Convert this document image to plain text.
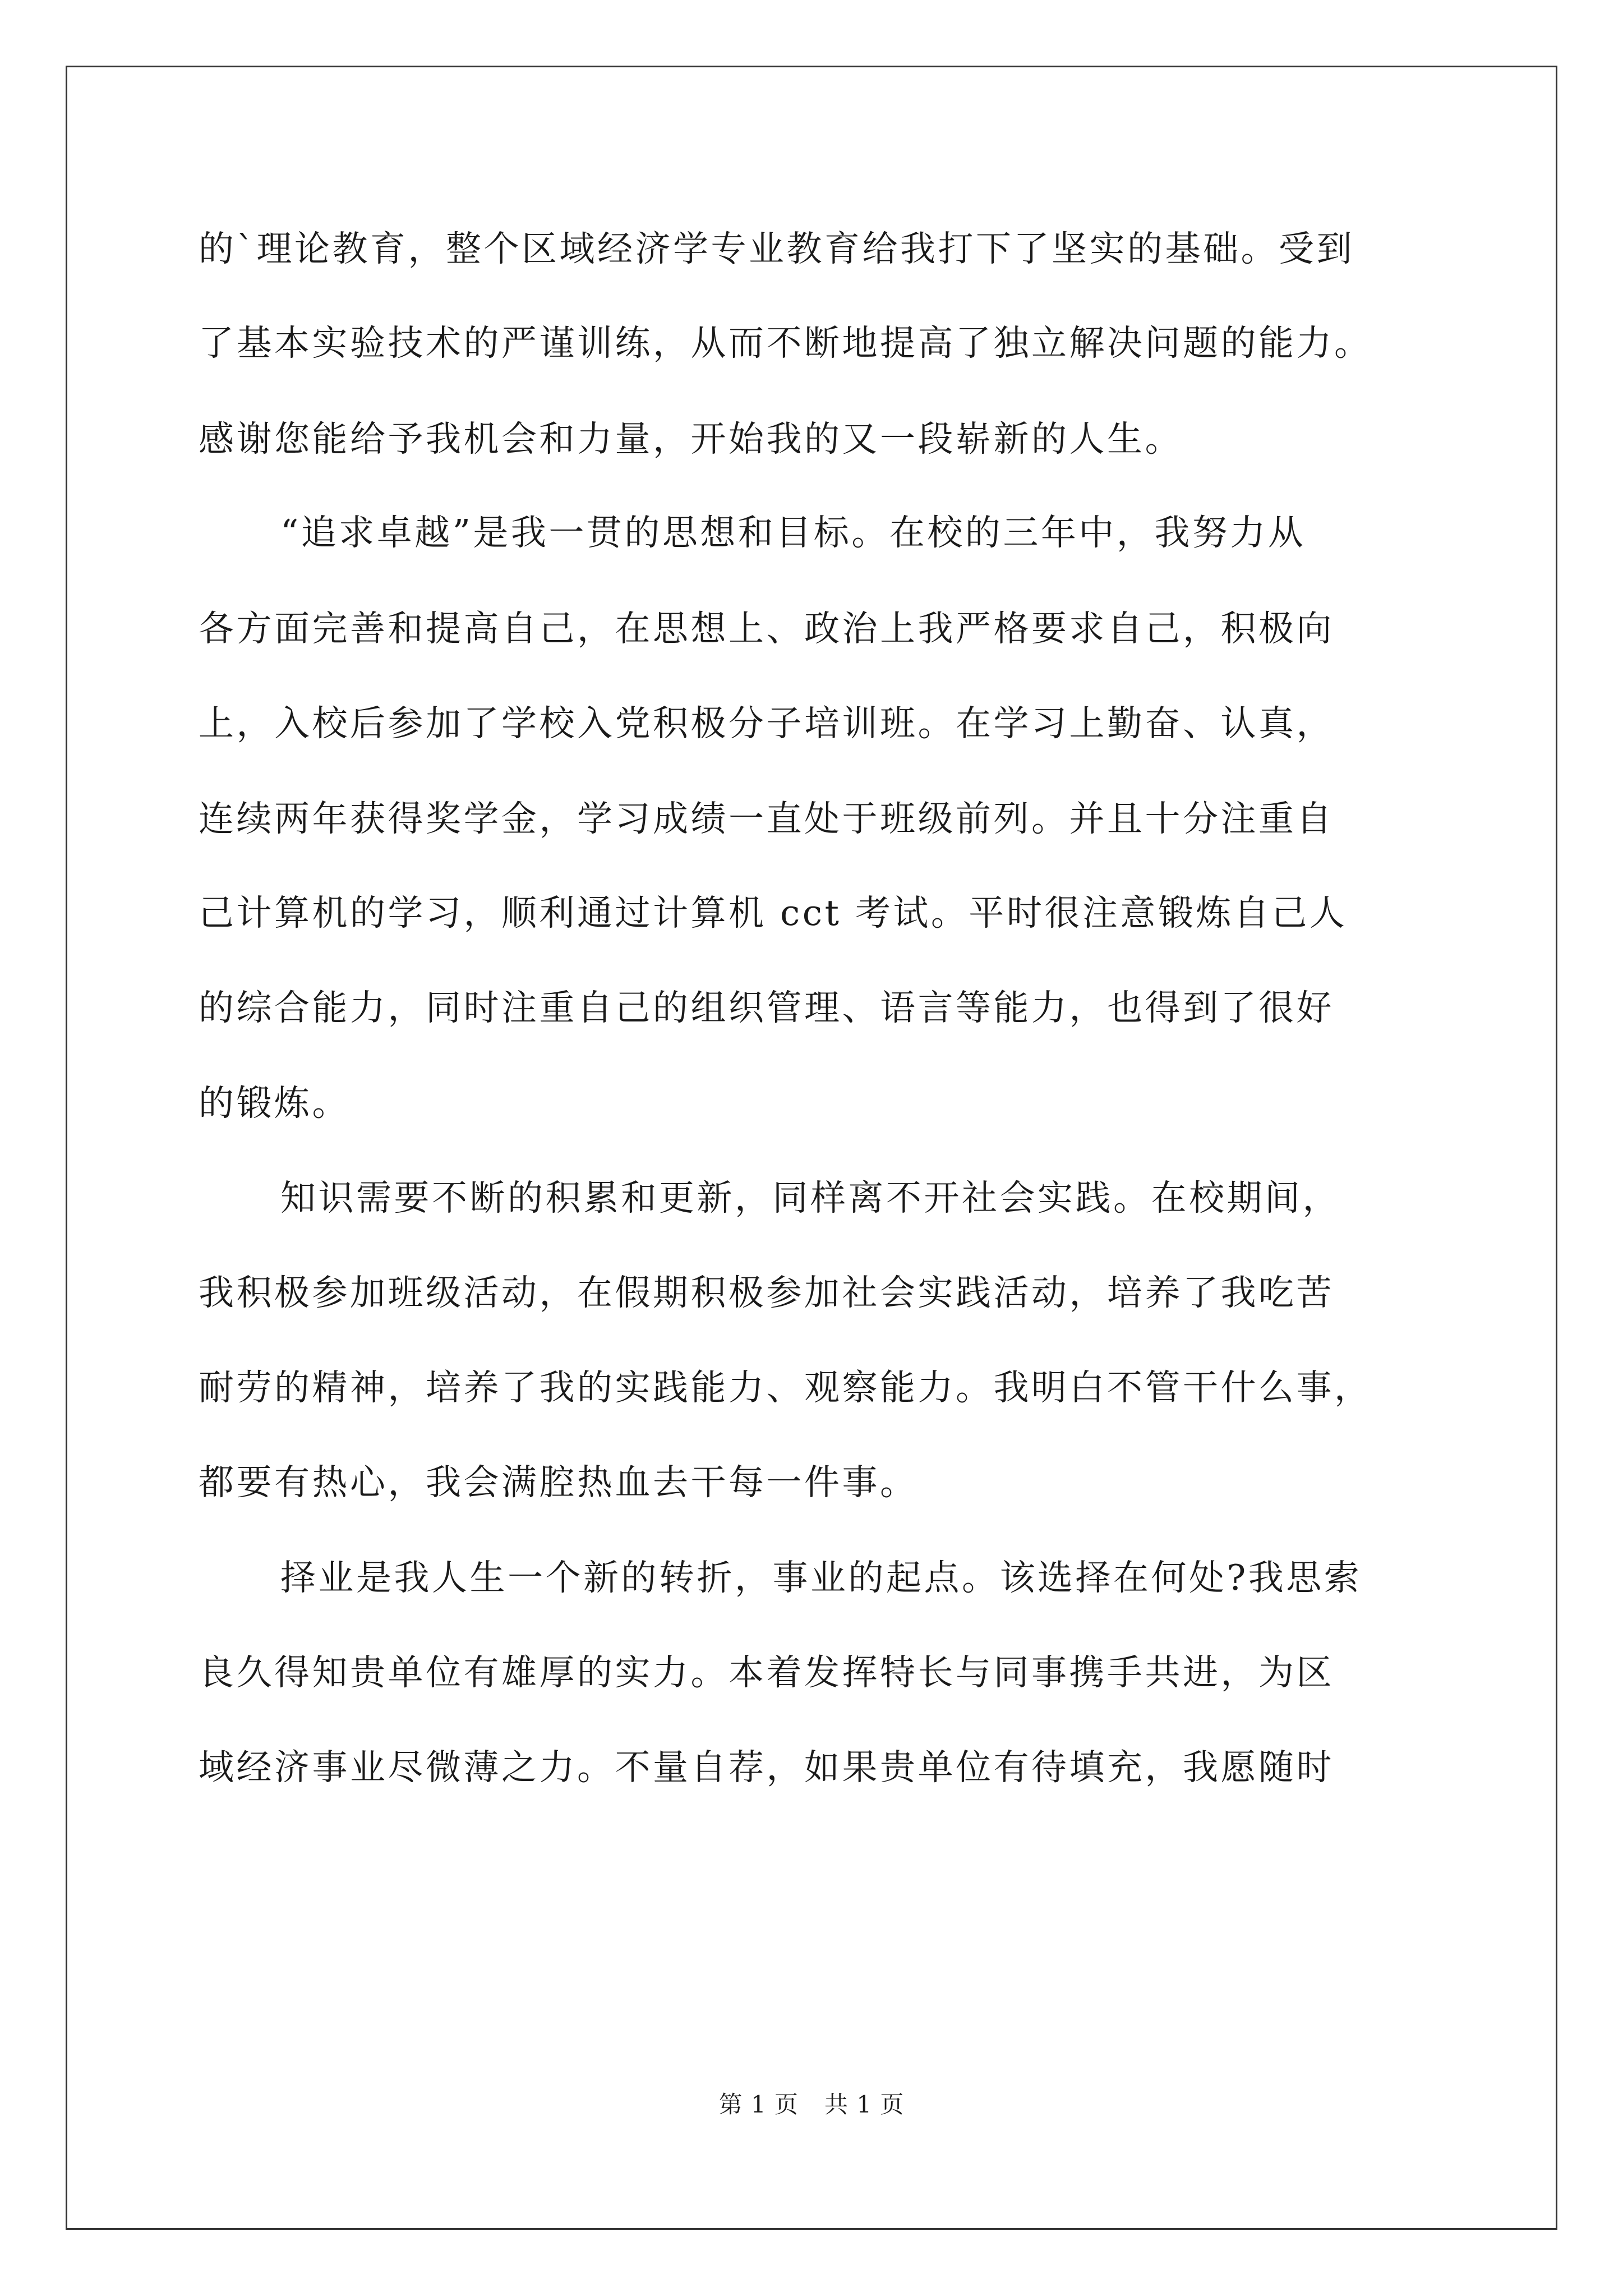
的`理论教育，整个区域经济学专业教育给我打下了坚实的基础。受到
了基本实验技术的严谨训练，从而不断地提高了独立解决问题的能力。
感谢您能给予我机会和力量，开始我的又一段崭新的人生。
“追求卓越”是我一贯的思想和目标。在校的三年中，我努力从
各方面完善和提高自己，在思想上、政治上我严格要求自己，积极向
上，入校后参加了学校入党积极分子培训班。在学习上勤奋、认真，
连续两年获得奖学金，学习成绩一直处于班级前列。并且十分注重自
己计算机的学习，顺利通过计算机 cct 考试。平时很注意锻炼自己人
的综合能力，同时注重自己的组织管理、语言等能力，也得到了很好
的锻炼。
知识需要不断的积累和更新，同样离不开社会实践。在校期间，
我积极参加班级活动，在假期积极参加社会实践活动，培养了我吃苦
耐劳的精神，培养了我的实践能力、观察能力。我明白不管干什么事，
都要有热心，我会满腔热血去干每一件事。
择业是我人生一个新的转折，事业的起点。该选择在何处?我思索
良久得知贵单位有雄厚的实力。本着发挥特长与同事携手共进，为区
域经济事业尽微薄之力。不量自荐，如果贵单位有待填充，我愿随时
第 1 页 共 1 页
